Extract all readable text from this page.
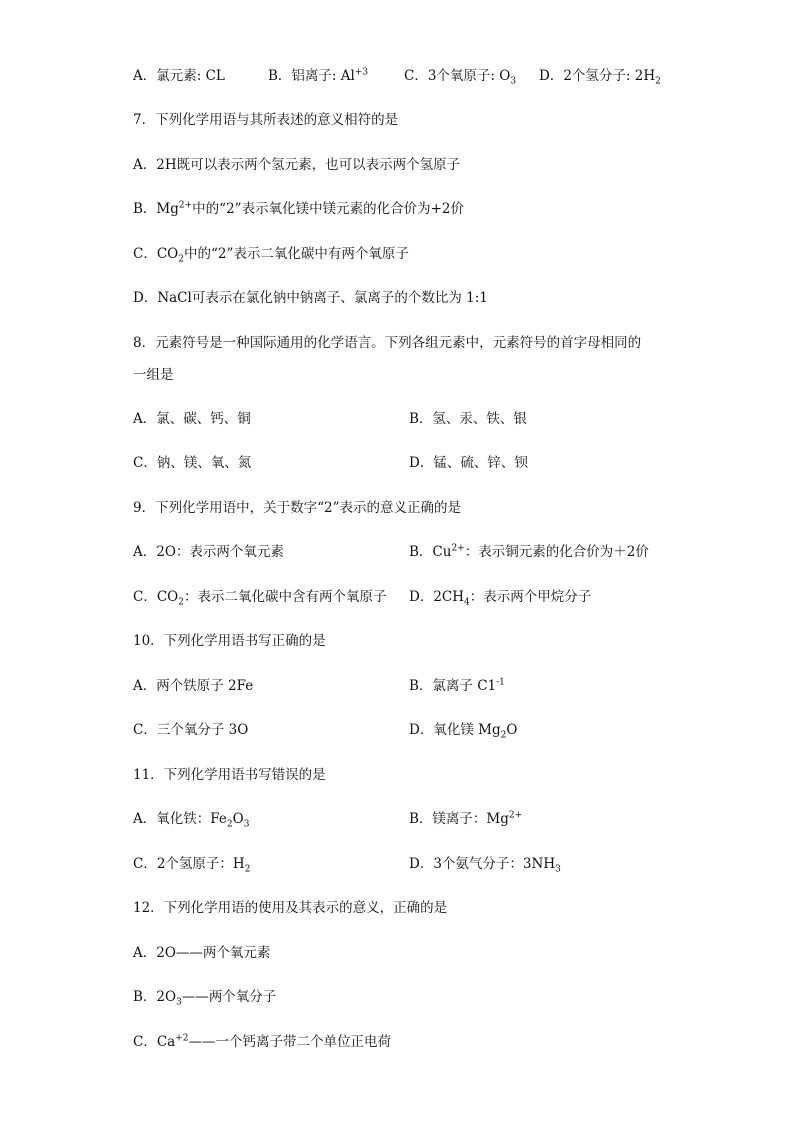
A．氯元素: CL	B．铝离子: $Al^{+3}$	C．3个氧原子: $O_3$ D．2个氢分子: $2H_2$
7．下列化学用语与其所表述的意义相符的是
A．2H既可以表示两个氢元素，也可以表示两个氢原子
B．$Mg^{2+}$中的“2”表示氧化镁中镁元素的化合价为+2价
C．$CO_2$中的“2”表示二氧化碳中有两个氧原子
D．NaCl可表示在氯化钠中钠离子、氯离子的个数比为 1:1
8．元素符号是一种国际通用的化学语言。下列各组元素中，元素符号的首字母相同的
一组是
A．氯、碳、钙、铜	B．氢、汞、铁、银
C．钠、镁、氧、氮	D．锰、硫、锌、钡
9．下列化学用语中，关于数字“2”表示的意义正确的是
A．2O：表示两个氧元素	B．$Cu^{2+}$：表示铜元素的化合价为＋2价
C．$CO_2$：表示二氧化碳中含有两个氧原子 D．$2CH_4$：表示两个甲烷分子
10．下列化学用语书写正确的是
A．两个铁原子 2Fe	B．氯离子 $C1^{-1}$
C．三个氧分子 3O	D．氧化镁 $Mg_2O$
11．下列化学用语书写错误的是
A．氧化铁：$Fe_2O_3$	B．镁离子：$Mg^{2+}$
C．2个氢原子：$H_2$	D．3个氨气分子：$3NH_3$
12．下列化学用语的使用及其表示的意义，正确的是
A．2O——两个氧元素
B．$2O_3——$两个氧分子
C．$Ca^{+2}——$一个钙离子带二个单位正电荷
